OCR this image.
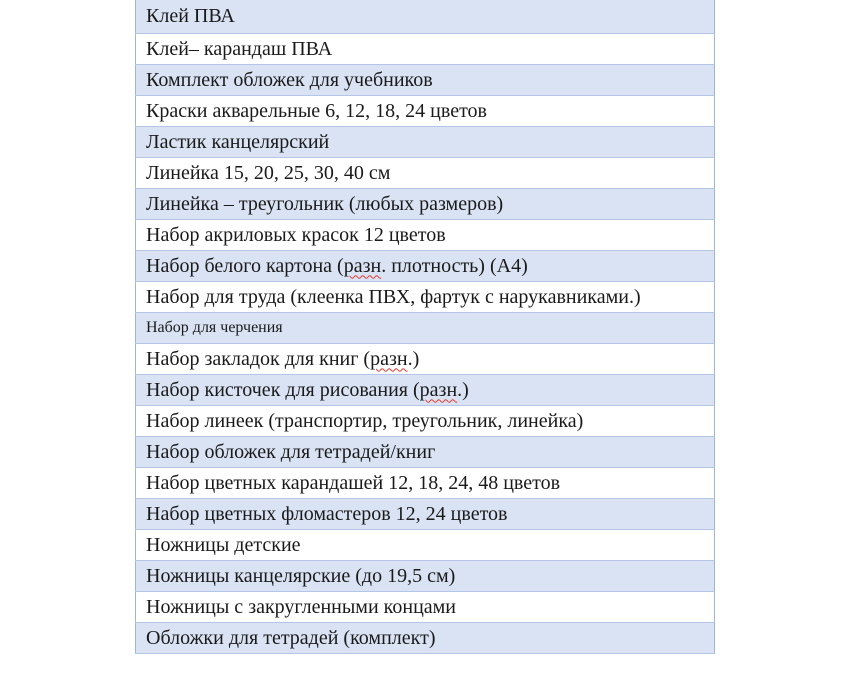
Клей ПВА
Клей– карандаш ПВА
Комплект обложек для учебников
Краски акварельные 6, 12, 18, 24 цветов
Ластик канцелярский
Линейка 15, 20, 25, 30, 40 см
Линейка – треугольник (любых размеров)
Набор акриловых красок 12 цветов
Набор белого картона (разн. плотность) (А4)
Набор для труда (клеенка ПВХ, фартук с нарукавниками.)
Набор для черчения
Набор закладок для книг (разн.)
Набор кисточек для рисования (разн.)
Набор линеек (транспортир, треугольник, линейка)
Набор обложек для тетрадей/книг
Набор цветных карандашей 12, 18, 24, 48 цветов
Набор цветных фломастеров 12, 24 цветов
Ножницы детские
Ножницы канцелярские (до 19,5 см)
Ножницы с закругленными концами
Обложки для тетрадей (комплект)
